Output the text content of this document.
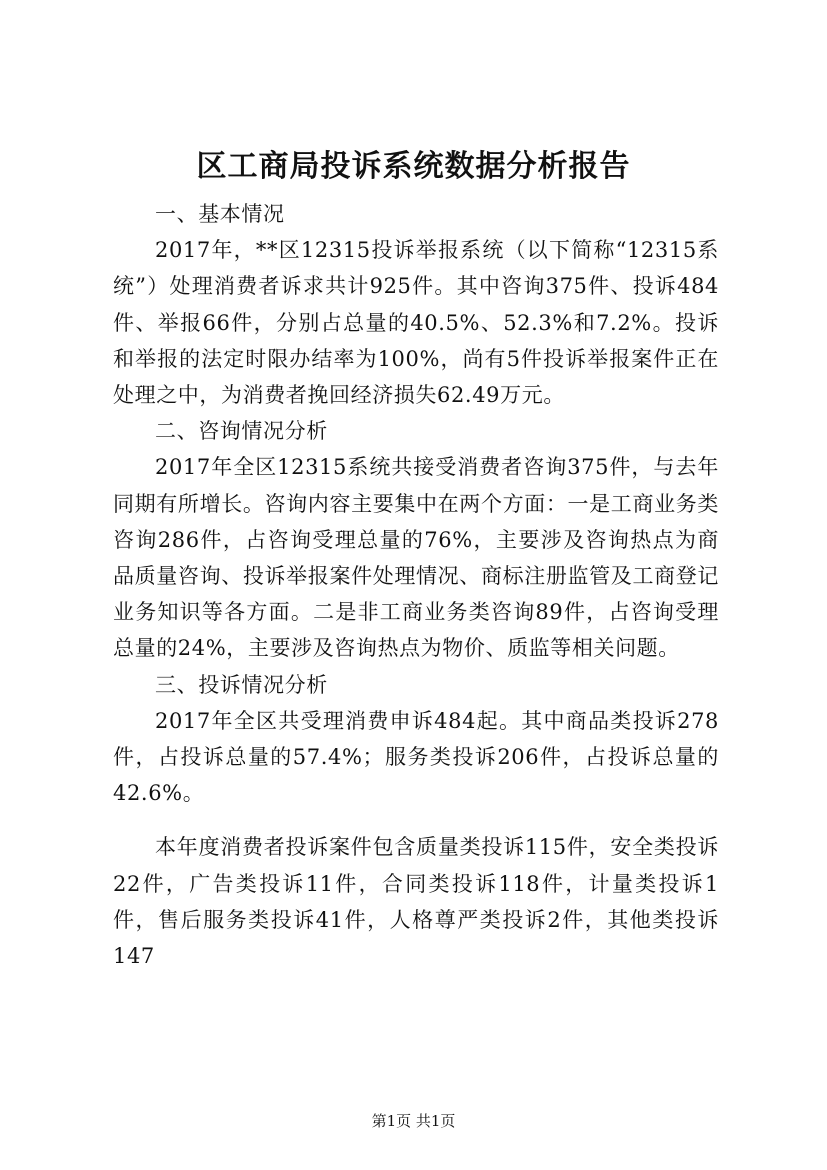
区工商局投诉系统数据分析报告

一、基本情况

2017年，**区12315投诉举报系统（以下简称“12315系统”）处理消费者诉求共计925件。其中咨询375件、投诉484件、举报66件，分别占总量的40.5%、52.3%和7.2%。投诉和举报的法定时限办结率为100%，尚有5件投诉举报案件正在处理之中，为消费者挽回经济损失62.49万元。

二、咨询情况分析

2017年全区12315系统共接受消费者咨询375件，与去年同期有所增长。咨询内容主要集中在两个方面：一是工商业务类咨询286件，占咨询受理总量的76%，主要涉及咨询热点为商品质量咨询、投诉举报案件处理情况、商标注册监管及工商登记业务知识等各方面。二是非工商业务类咨询89件，占咨询受理总量的24%，主要涉及咨询热点为物价、质监等相关问题。

三、投诉情况分析

2017年全区共受理消费申诉484起。其中商品类投诉278件，占投诉总量的57.4%；服务类投诉206件，占投诉总量的42.6%。

本年度消费者投诉案件包含质量类投诉115件，安全类投诉22件，广告类投诉11件，合同类投诉118件，计量类投诉1件，售后服务类投诉41件，人格尊严类投诉2件，其他类投诉147

第1页 共1页
